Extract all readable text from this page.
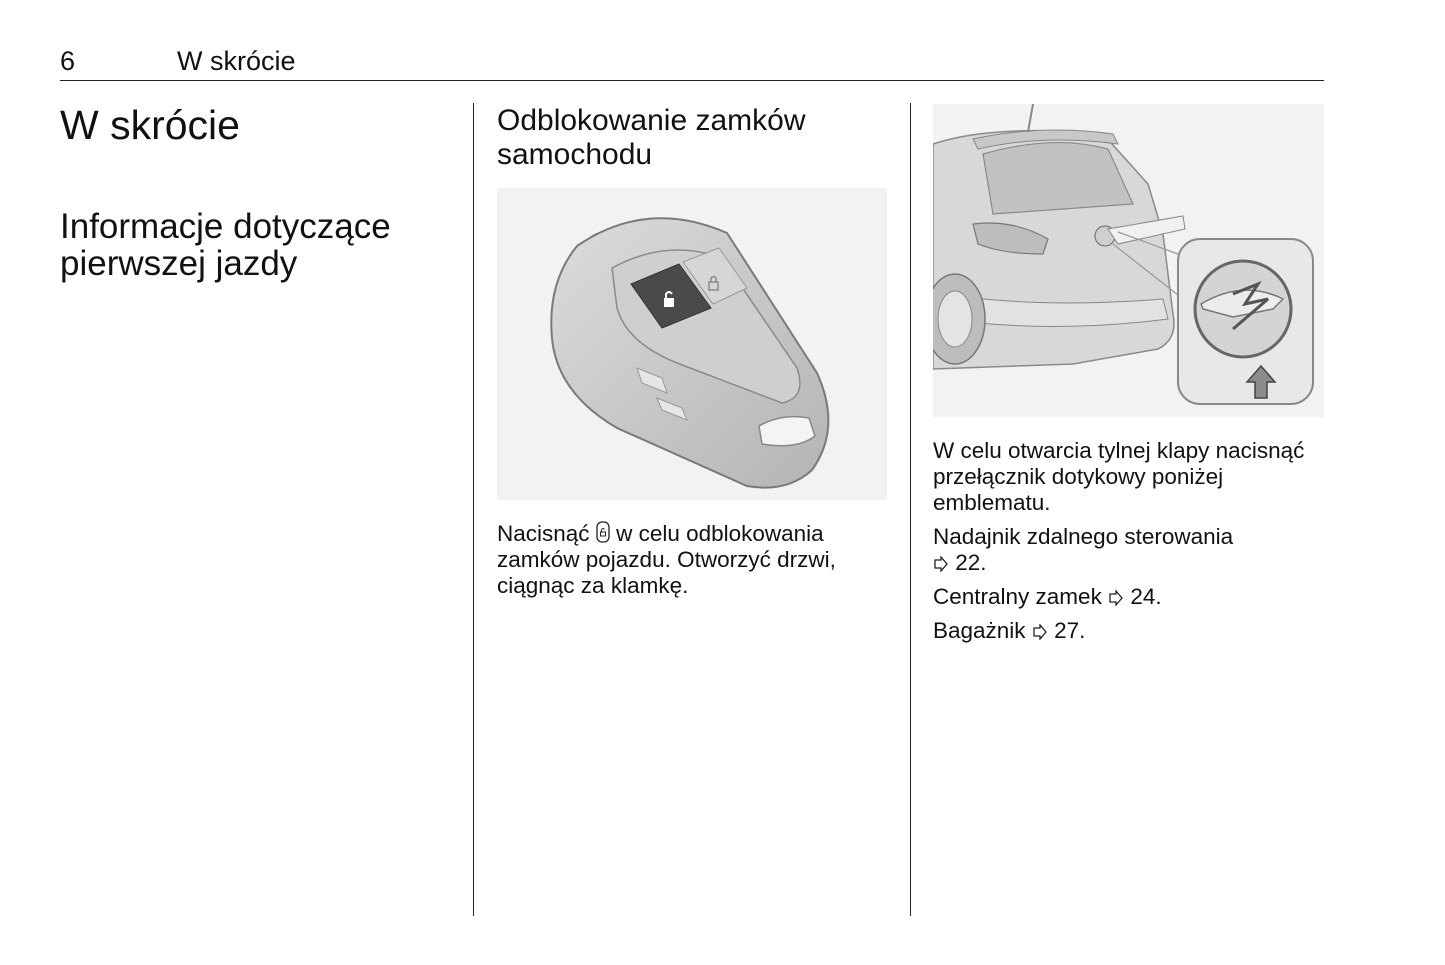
6	W skrócie
W skrócie
Informacje dotyczące pierwszej jazdy
Odblokowanie zamków samochodu

Nacisnąć  w celu odblokowania zamków pojazdu. Otworzyć drzwi, ciągnąc za klamkę.

W celu otwarcia tylnej klapy nacisnąć przełącznik dotykowy poniżej emblematu.

Nadajnik zdalnego sterowania
22.

Centralny zamek 24.

Bagażnik 27.
